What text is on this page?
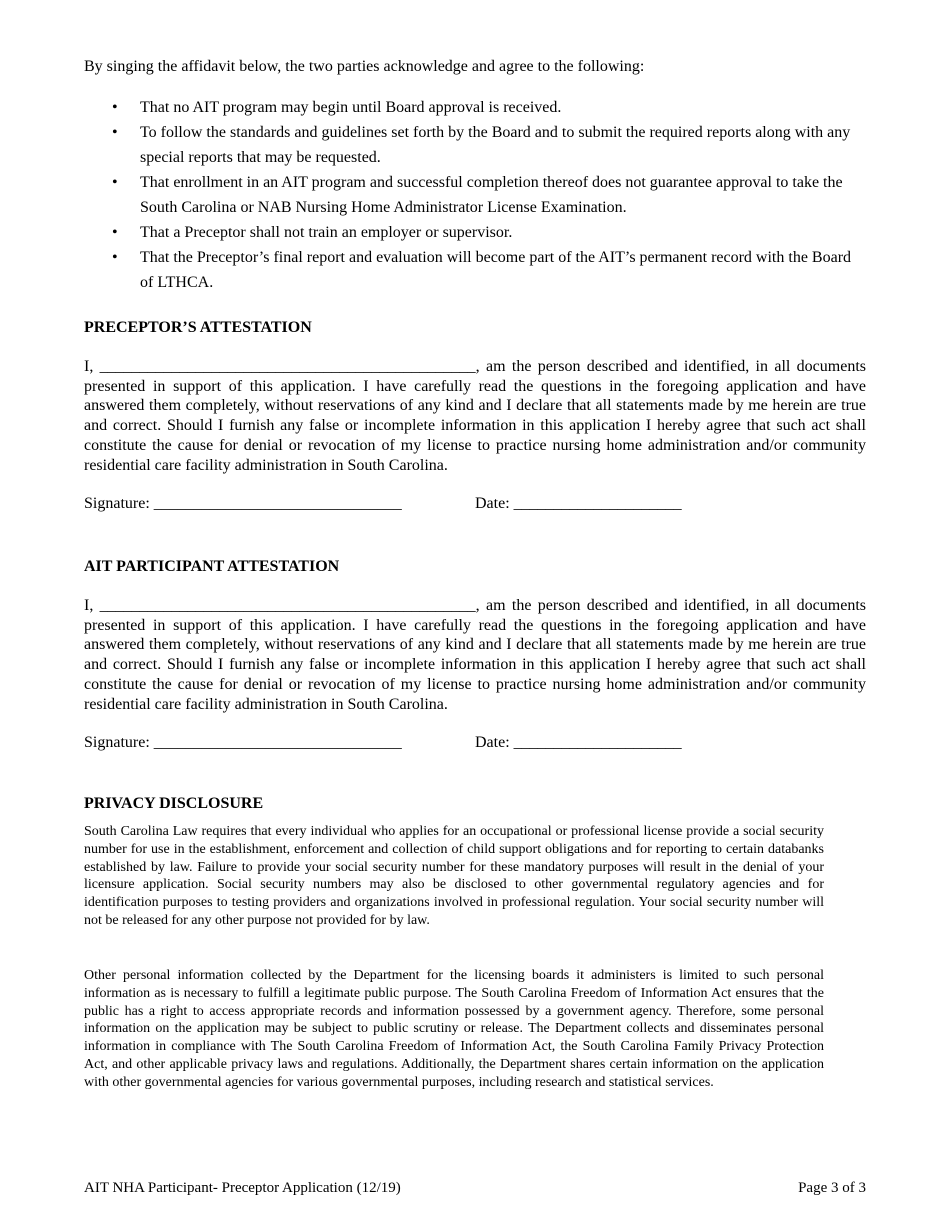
By singing the affidavit below, the two parties acknowledge and agree to the following:
• That no AIT program may begin until Board approval is received.
• To follow the standards and guidelines set forth by the Board and to submit the required reports along with any special reports that may be requested.
• That enrollment in an AIT program and successful completion thereof does not guarantee approval to take the South Carolina or NAB Nursing Home Administrator License Examination.
• That a Preceptor shall not train an employer or supervisor.
• That the Preceptor’s final report and evaluation will become part of the AIT’s permanent record with the Board of LTHCA.
PRECEPTOR’S ATTESTATION

I, _______________________________________________, am the person described and identified, in all documents presented in support of this application. I have carefully read the questions in the foregoing application and have answered them completely, without reservations of any kind and I declare that all statements made by me herein are true and correct. Should I furnish any false or incomplete information in this application I hereby agree that such act shall constitute the cause for denial or revocation of my license to practice nursing home administration and/or community residential care facility administration in South Carolina.

Signature: _______________________________	Date: _____________________
AIT PARTICIPANT ATTESTATION

I, _______________________________________________, am the person described and identified, in all documents presented in support of this application. I have carefully read the questions in the foregoing application and have answered them completely, without reservations of any kind and I declare that all statements made by me herein are true and correct. Should I furnish any false or incomplete information in this application I hereby agree that such act shall constitute the cause for denial or revocation of my license to practice nursing home administration and/or community residential care facility administration in South Carolina.

Signature: _______________________________	Date: _____________________
PRIVACY DISCLOSURE

South Carolina Law requires that every individual who applies for an occupational or professional license provide a social security number for use in the establishment, enforcement and collection of child support obligations and for reporting to certain databanks established by law. Failure to provide your social security number for these mandatory purposes will result in the denial of your licensure application. Social security numbers may also be disclosed to other governmental regulatory agencies and for identification purposes to testing providers and organizations involved in professional regulation. Your social security number will not be released for any other purpose not provided for by law.

Other personal information collected by the Department for the licensing boards it administers is limited to such personal information as is necessary to fulfill a legitimate public purpose. The South Carolina Freedom of Information Act ensures that the public has a right to access appropriate records and information possessed by a government agency. Therefore, some personal information on the application may be subject to public scrutiny or release. The Department collects and disseminates personal information in compliance with The South Carolina Freedom of Information Act, the South Carolina Family Privacy Protection Act, and other applicable privacy laws and regulations. Additionally, the Department shares certain information on the application with other governmental agencies for various governmental purposes, including research and statistical services.

AIT NHA Participant- Preceptor Application (12/19)	Page 3 of 3
